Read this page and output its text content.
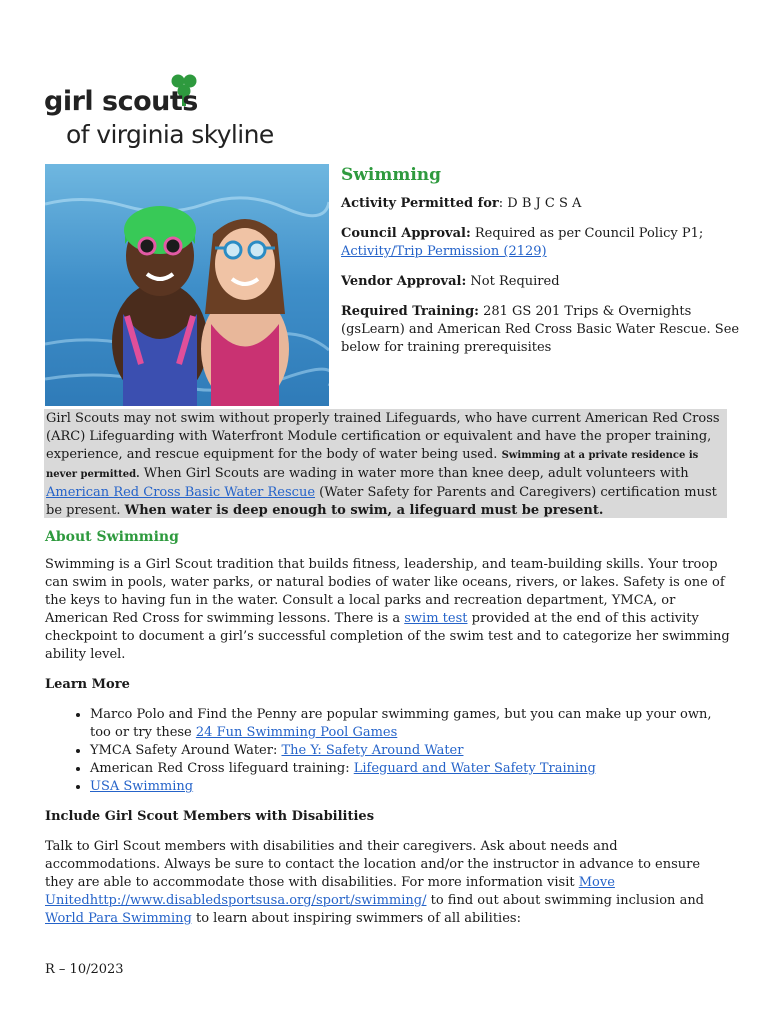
girl scouts
of virginia skyline
Swimming

Activity Permitted for: D B J C S A

Council Approval: Required as per Council Policy P1; Activity/Trip Permission (2129)

Vendor Approval: Not Required

Required Training: 281 GS 201 Trips & Overnights (gsLearn) and American Red Cross Basic Water Rescue. See below for training prerequisites

Girl Scouts may not swim without properly trained Lifeguards, who have current American Red Cross (ARC) Lifeguarding with Waterfront Module certification or equivalent and have the proper training, experience, and rescue equipment for the body of water being used. Swimming at a private residence is never permitted. When Girl Scouts are wading in water more than knee deep, adult volunteers with American Red Cross Basic Water Rescue (Water Safety for Parents and Caregivers) certification must be present. When water is deep enough to swim, a lifeguard must be present.
About Swimming
Swimming is a Girl Scout tradition that builds fitness, leadership, and team-building skills. Your troop can swim in pools, water parks, or natural bodies of water like oceans, rivers, or lakes. Safety is one of the keys to having fun in the water. Consult a local parks and recreation department, YMCA, or American Red Cross for swimming lessons. There is a swim test provided at the end of this activity checkpoint to document a girl’s successful completion of the swim test and to categorize her swimming ability level.
Learn More
• Marco Polo and Find the Penny are popular swimming games, but you can make up your own, too or try these 24 Fun Swimming Pool Games
• YMCA Safety Around Water: The Y: Safety Around Water
• American Red Cross lifeguard training: Lifeguard and Water Safety Training
• USA Swimming
Include Girl Scout Members with Disabilities
Talk to Girl Scout members with disabilities and their caregivers. Ask about needs and accommodations. Always be sure to contact the location and/or the instructor in advance to ensure they are able to accommodate those with disabilities. For more information visit Move Unitedhttp://www.disabledsportsusa.org/sport/swimming/ to find out about swimming inclusion and World Para Swimming to learn about inspiring swimmers of all abilities:
R – 10/2023
